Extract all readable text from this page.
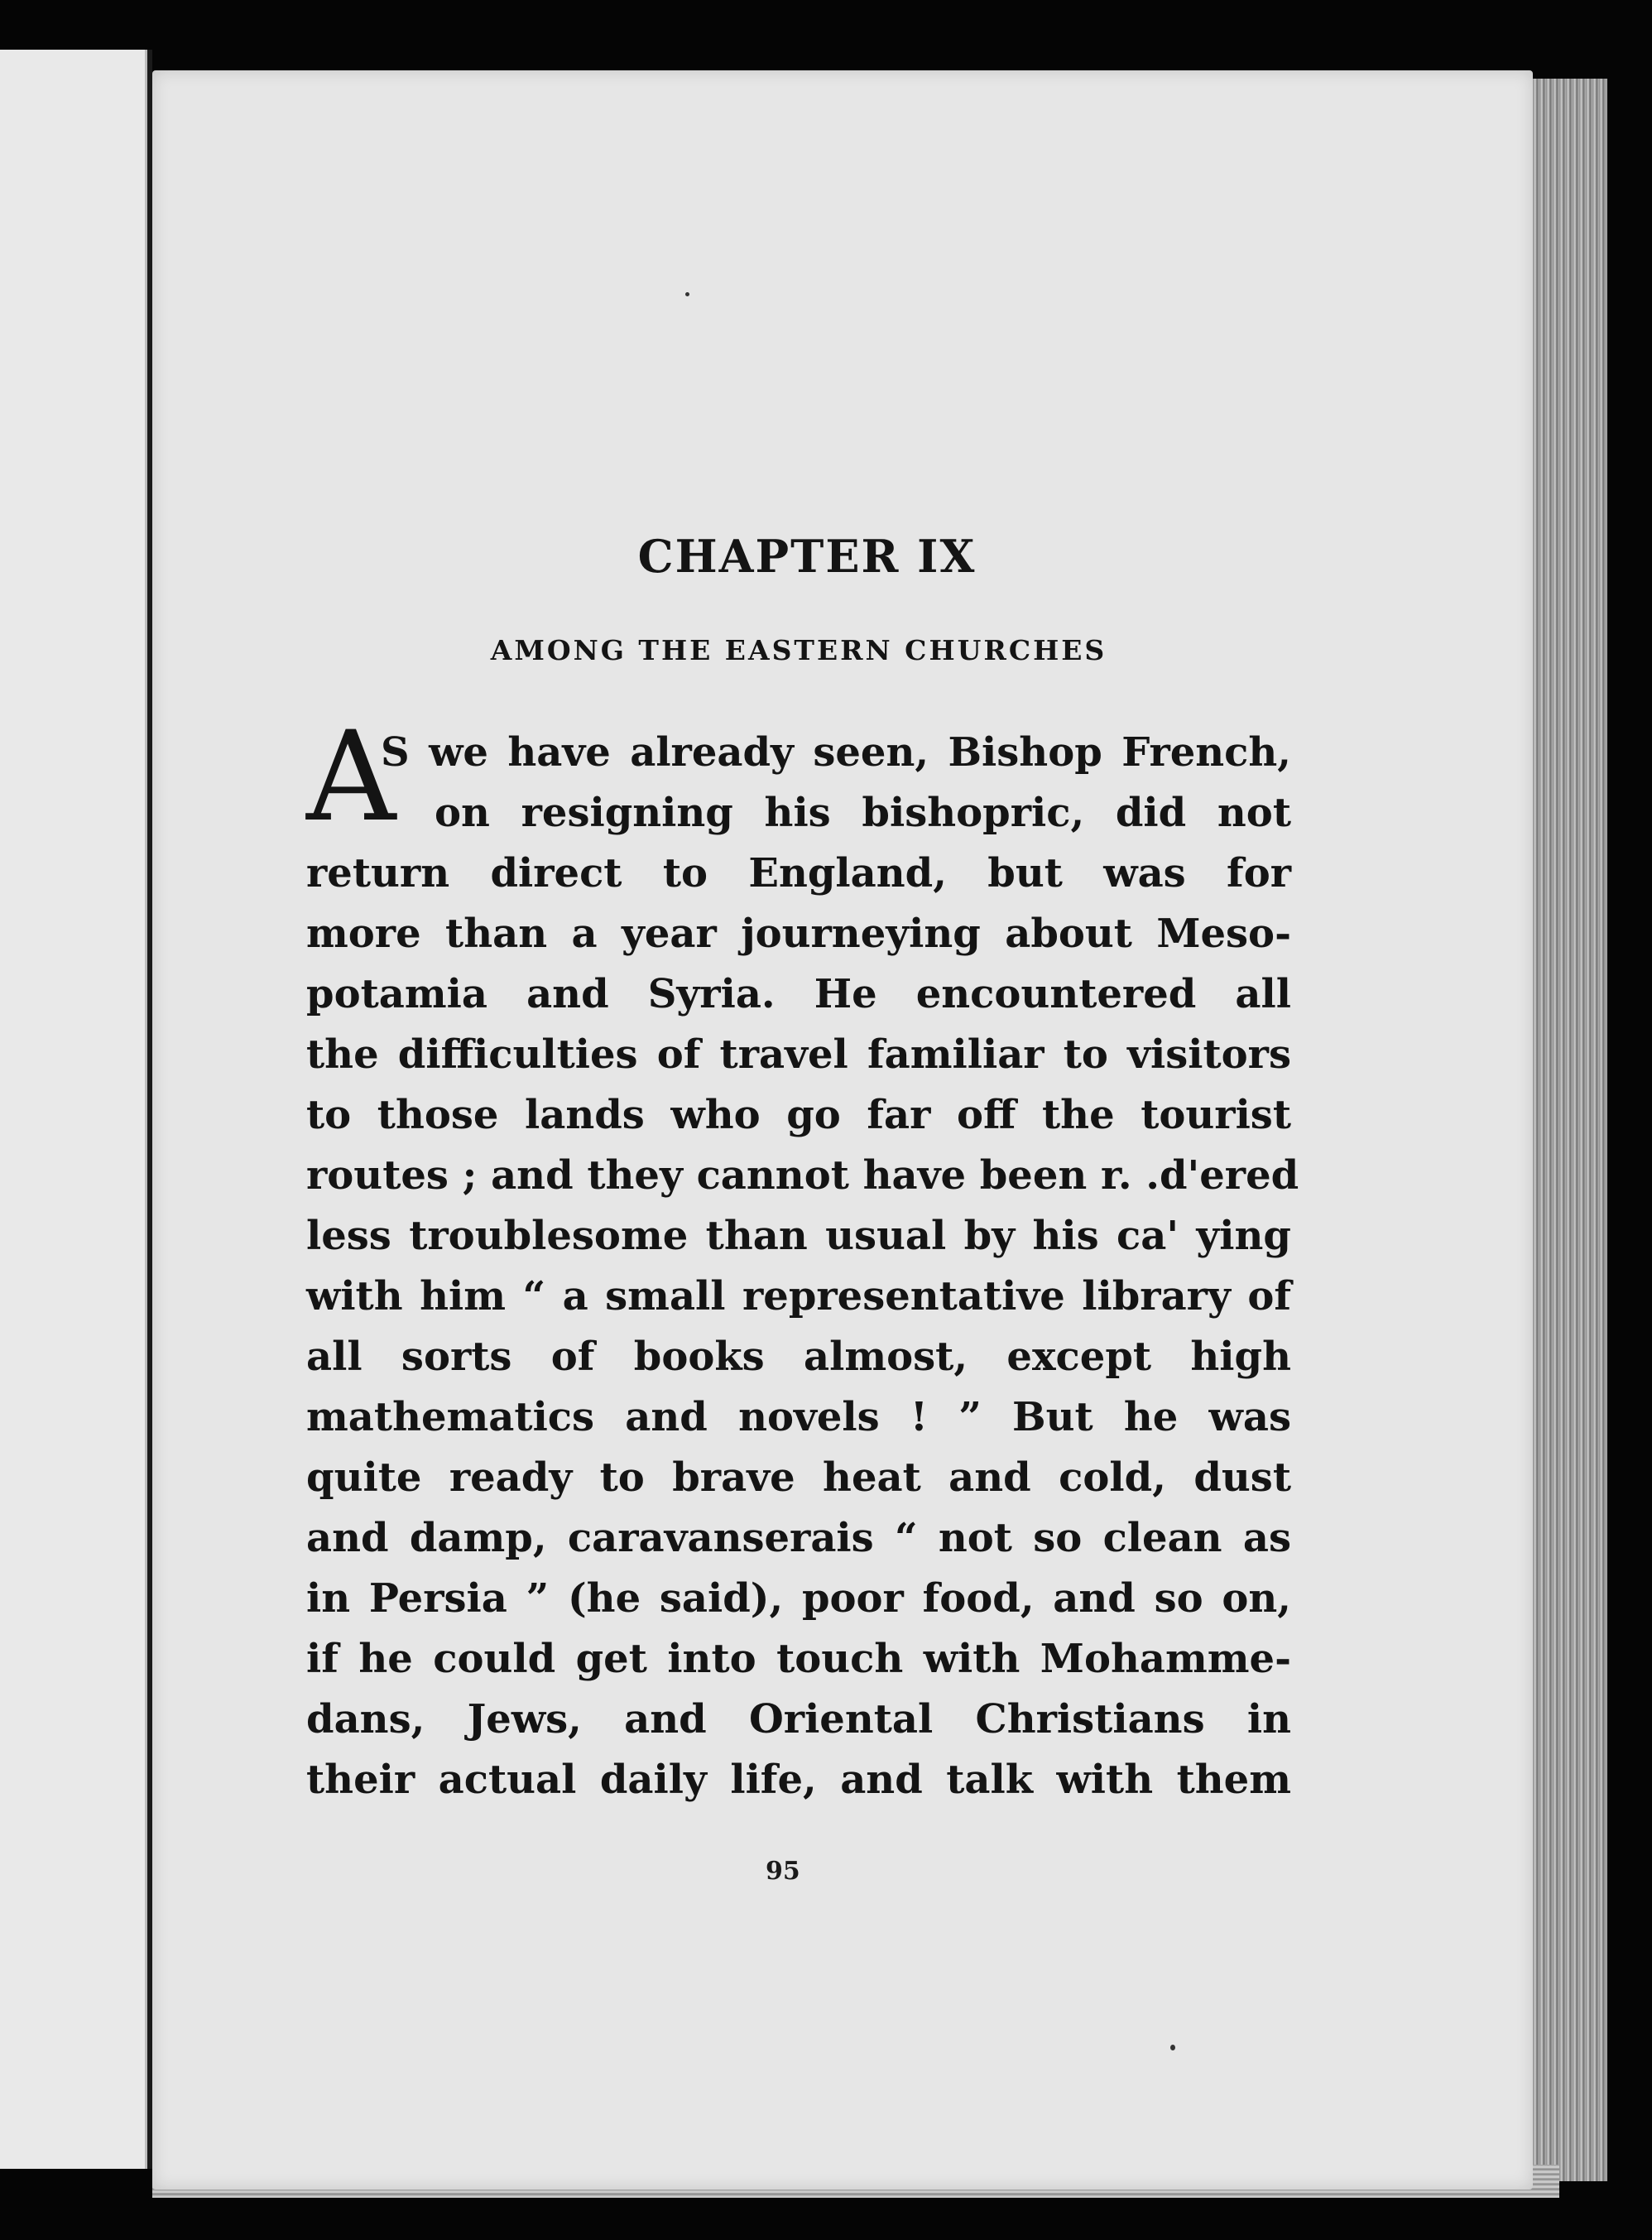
CHAPTER IX
AMONG THE EASTERN CHURCHES
A
S we have already seen, Bishop French,
on resigning his bishopric, did not
return direct to England, but was for
more than a year journeying about Meso-
potamia and Syria. He encountered all
the difficulties of travel familiar to visitors
to those lands who go far off the tourist
routes ; and they cannot have been r. .d'ered
less troublesome than usual by his ca' ying
with him “ a small representative library of
all sorts of books almost, except high
mathematics and novels ! ” But he was
quite ready to brave heat and cold, dust
and damp, caravanserais “ not so clean as
in Persia ” (he said), poor food, and so on,
if he could get into touch with Mohamme-
dans, Jews, and Oriental Christians in
their actual daily life, and talk with them
95
